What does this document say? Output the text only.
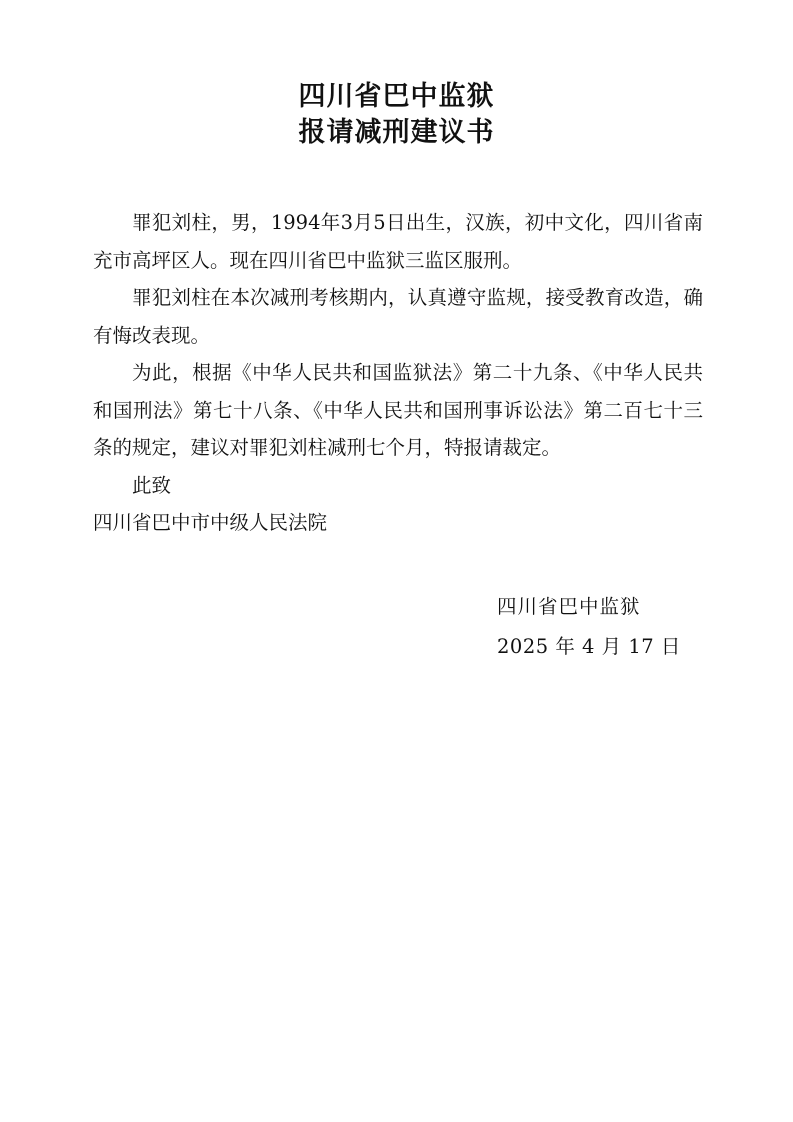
四川省巴中监狱
报请减刑建议书

罪犯刘柱，男，1994年3月5日出生，汉族，初中文化，四川省南充市高坪区人。现在四川省巴中监狱三监区服刑。

罪犯刘柱在本次减刑考核期内，认真遵守监规，接受教育改造，确有悔改表现。

为此，根据《中华人民共和国监狱法》第二十九条、《中华人民共和国刑法》第七十八条、《中华人民共和国刑事诉讼法》第二百七十三条的规定，建议对罪犯刘柱减刑七个月，特报请裁定。

此致

四川省巴中市中级人民法院

四川省巴中监狱
2025 年 4 月 17 日
